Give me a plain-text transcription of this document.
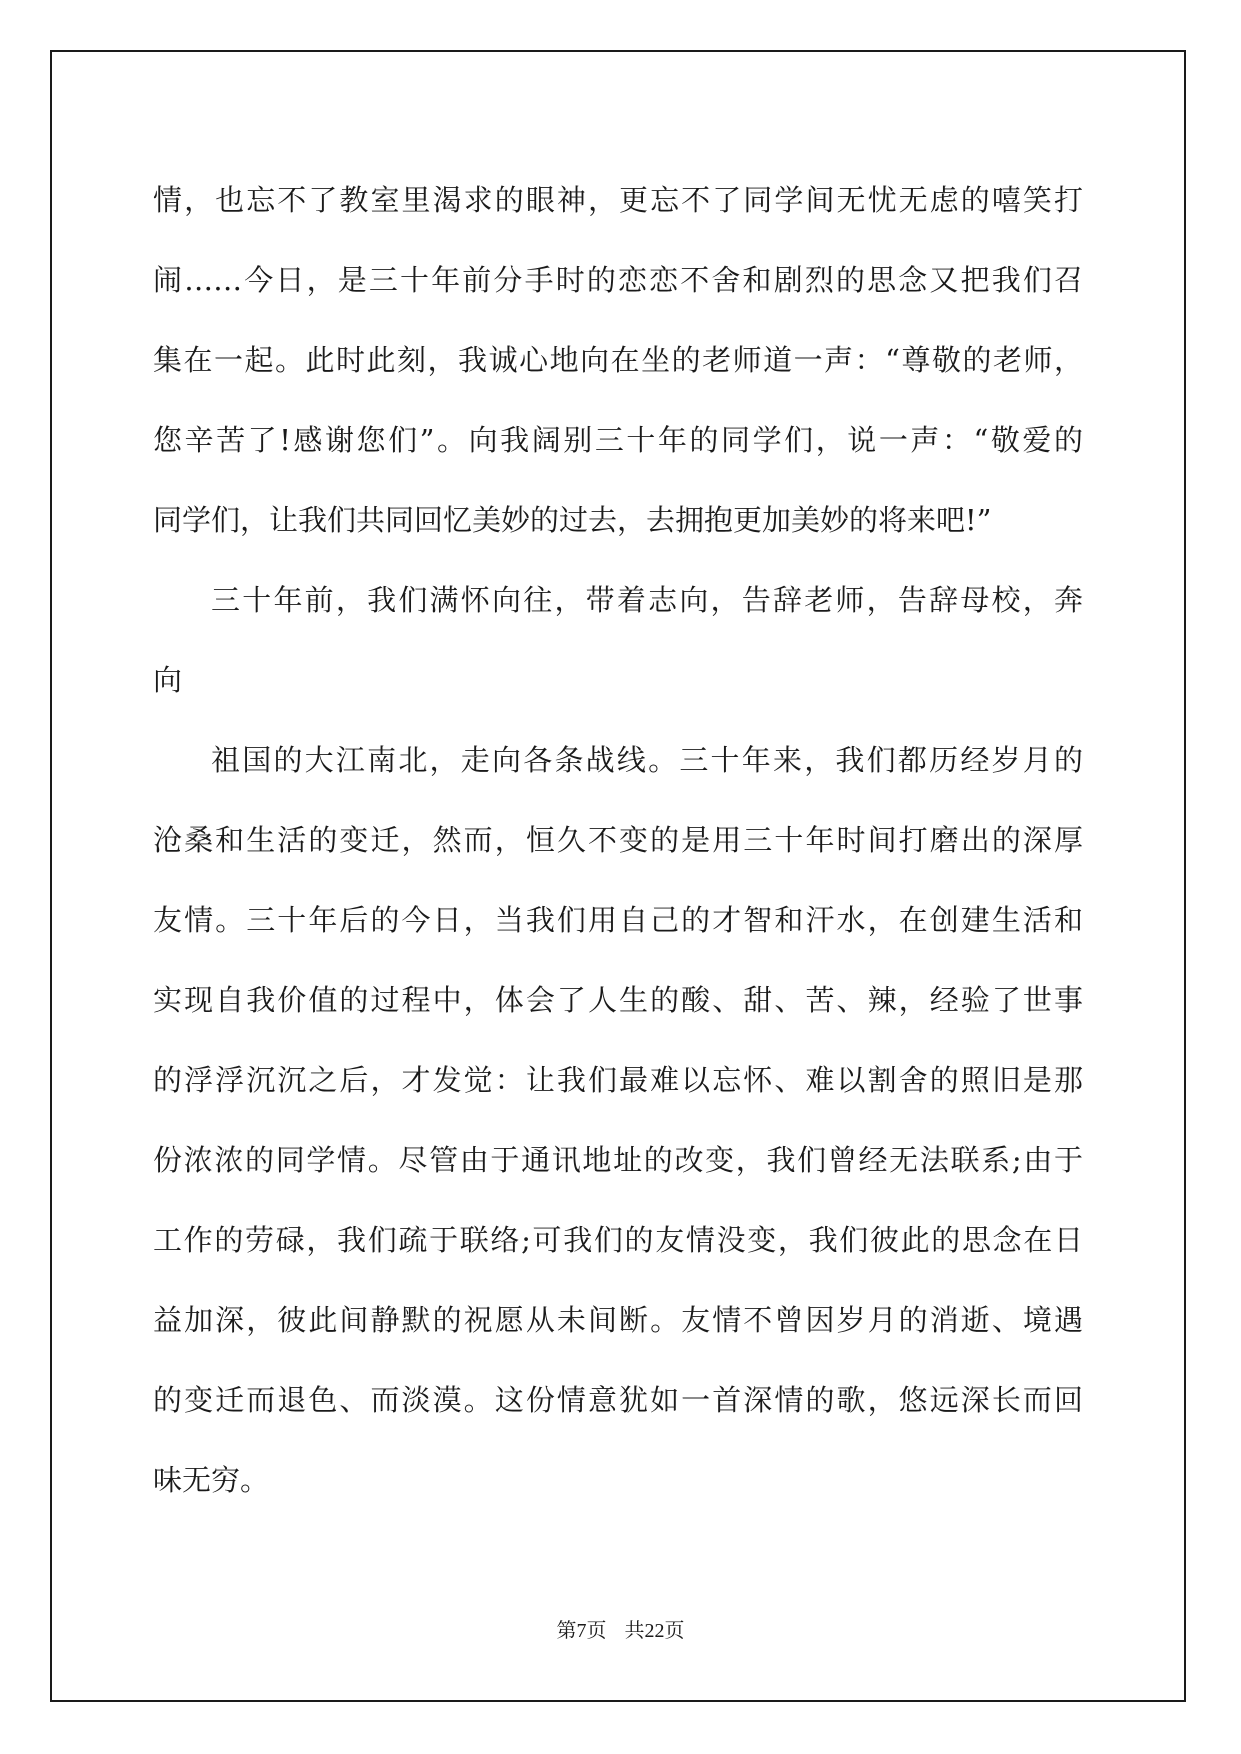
情，也忘不了教室里渴求的眼神，更忘不了同学间无忧无虑的嘻笑打
闹……今日，是三十年前分手时的恋恋不舍和剧烈的思念又把我们召
集在一起。此时此刻，我诚心地向在坐的老师道一声：“尊敬的老师，
您辛苦了!感谢您们”。向我阔别三十年的同学们，说一声：“敬爱的
同学们，让我们共同回忆美妙的过去，去拥抱更加美妙的将来吧!”
三十年前，我们满怀向往，带着志向，告辞老师，告辞母校，奔
向
祖国的大江南北，走向各条战线。三十年来，我们都历经岁月的
沧桑和生活的变迁，然而，恒久不变的是用三十年时间打磨出的深厚
友情。三十年后的今日，当我们用自己的才智和汗水，在创建生活和
实现自我价值的过程中，体会了人生的酸、甜、苦、辣，经验了世事
的浮浮沉沉之后，才发觉：让我们最难以忘怀、难以割舍的照旧是那
份浓浓的同学情。尽管由于通讯地址的改变，我们曾经无法联系;由于
工作的劳碌，我们疏于联络;可我们的友情没变，我们彼此的思念在日
益加深，彼此间静默的祝愿从未间断。友情不曾因岁月的消逝、境遇
的变迁而退色、而淡漠。这份情意犹如一首深情的歌，悠远深长而回
味无穷。
第7页 共22页
